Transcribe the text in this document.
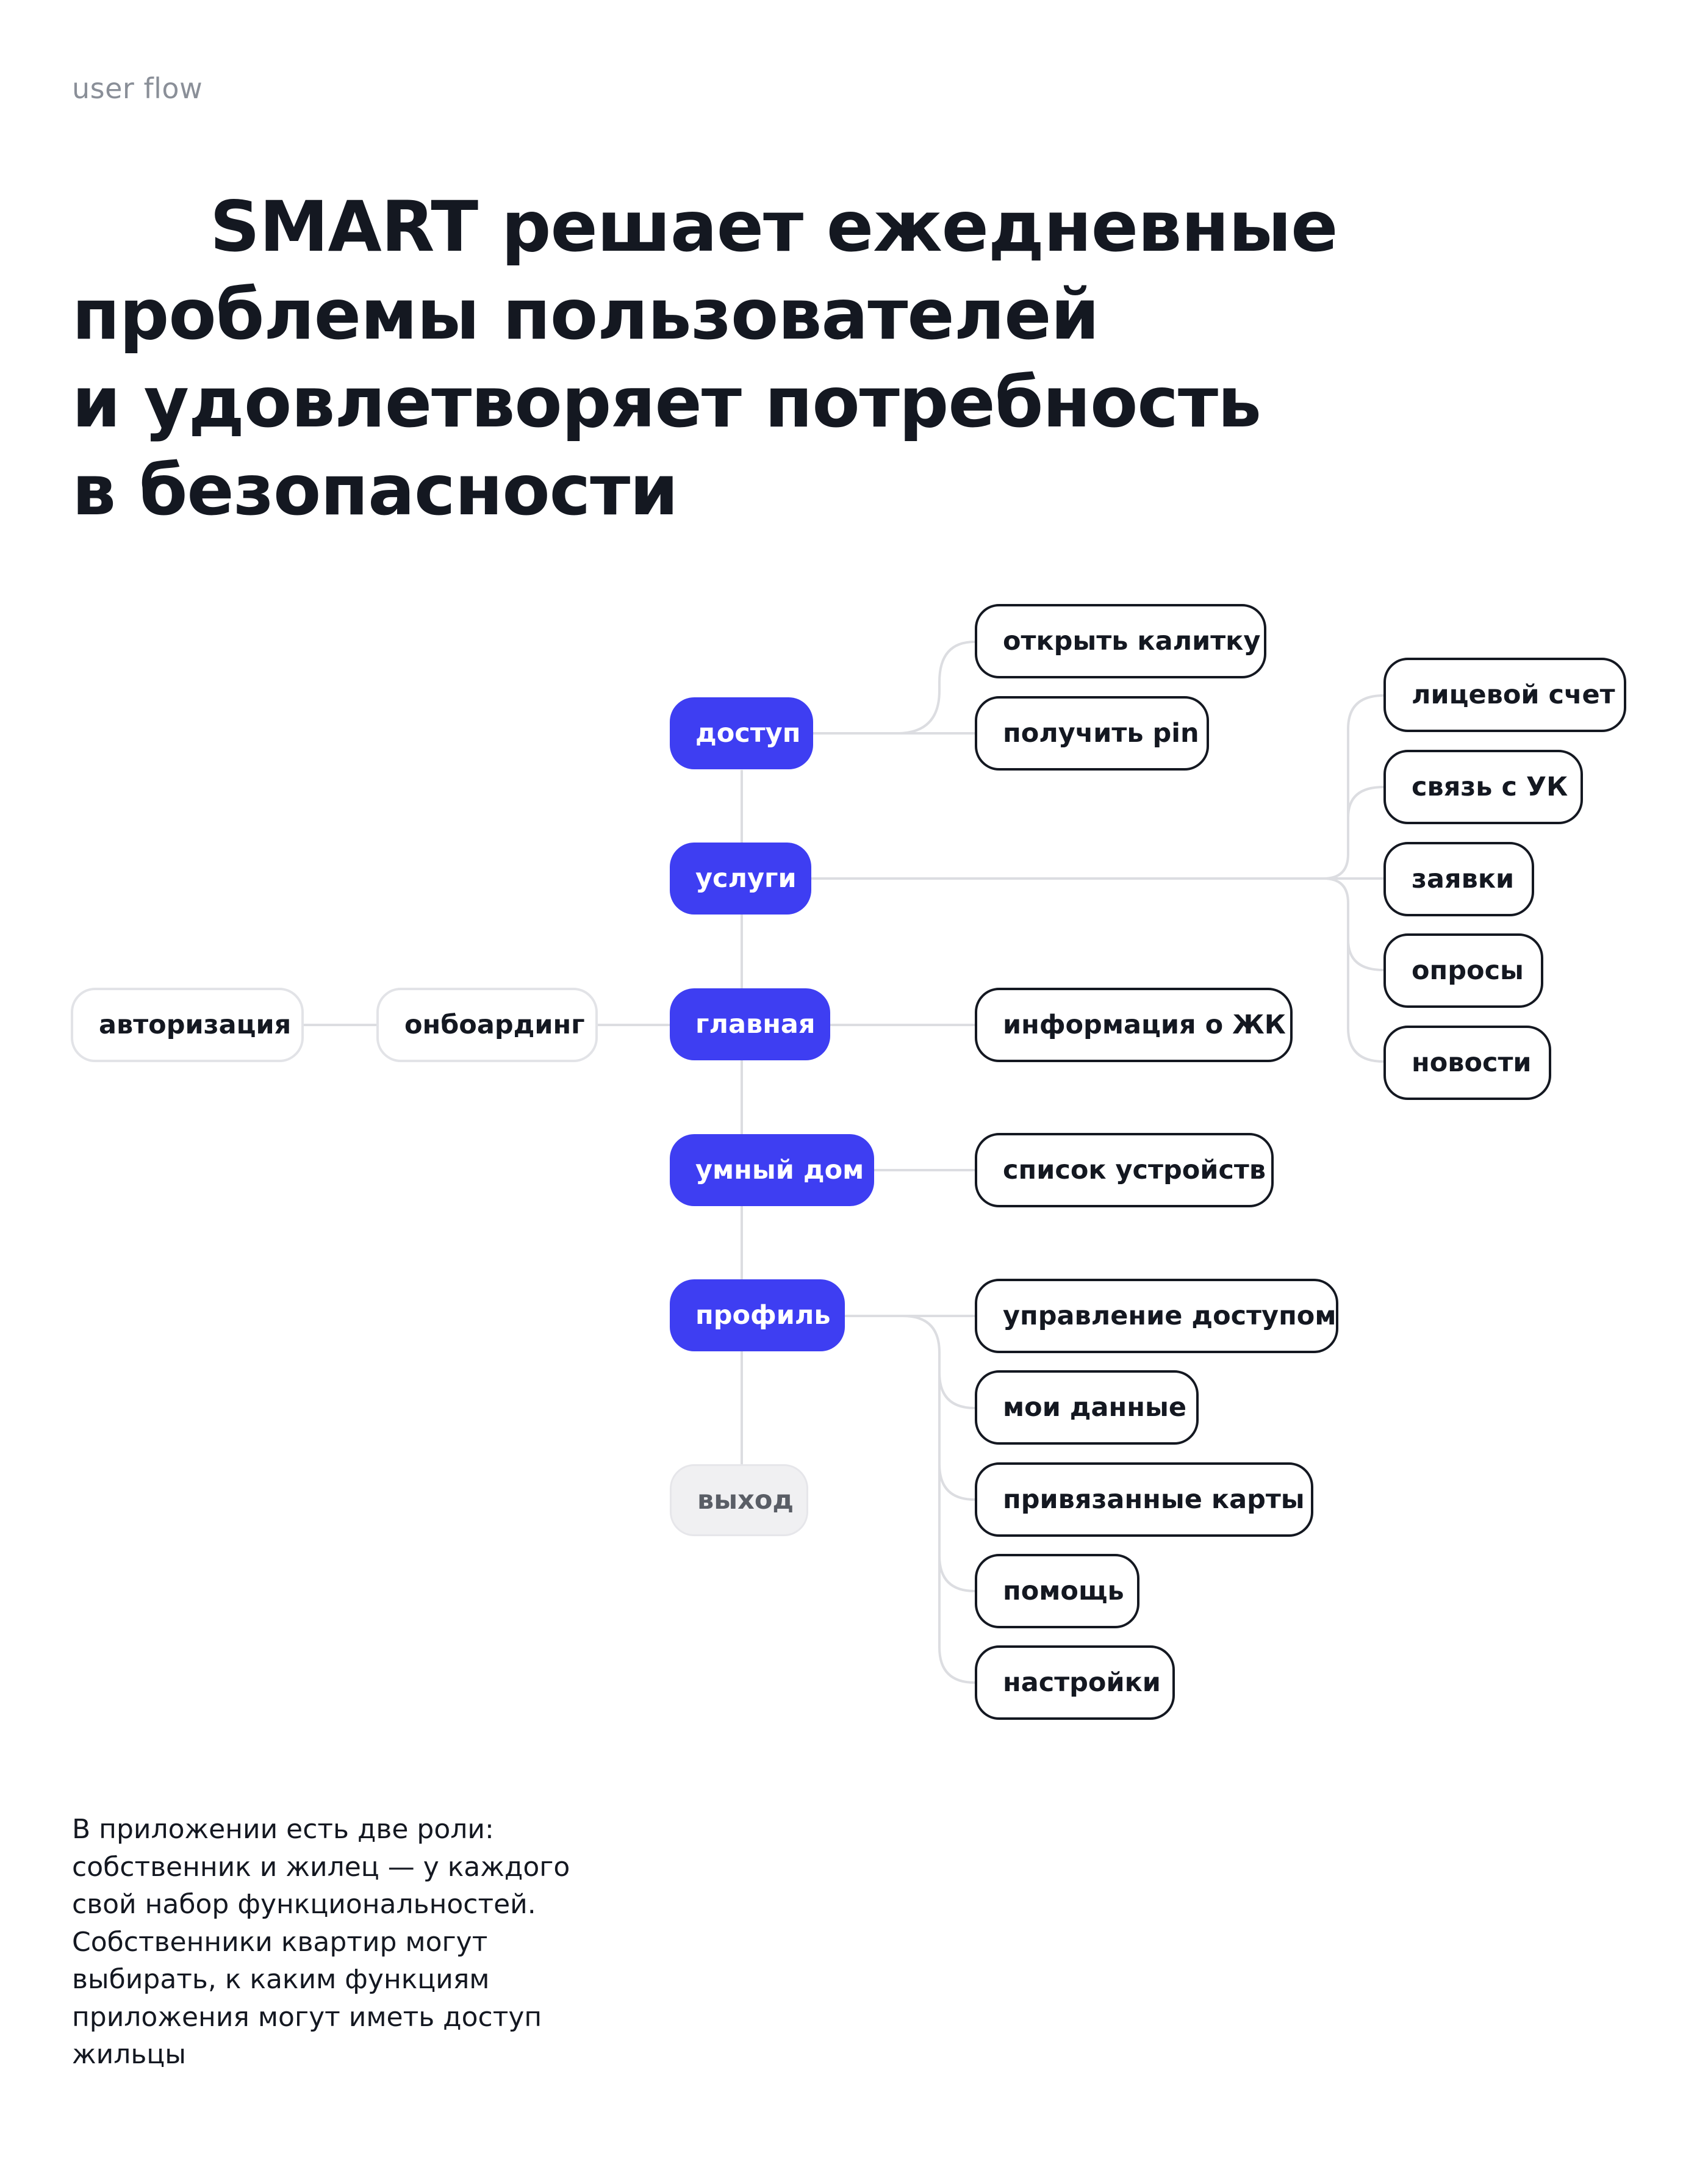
user flow
SMART решает ежедневные
проблемы пользователей
и удовлетворяет потребность
в безопасности
авторизация	онбоардинг
доступ
услуги
главная
умный дом
профиль
выход
открыть калитку
получить pin
лицевой счет
связь с УК
заявки
опросы
новости
информация о ЖК
список устройств
управление доступом
мои данные
привязанные карты
помощь
настройки
В приложении есть две роли: собственник и жилец — у каждого свой набор функциональностей. Собственники квартир могут выбирать, к каким функциям приложения могут иметь доступ жильцы
